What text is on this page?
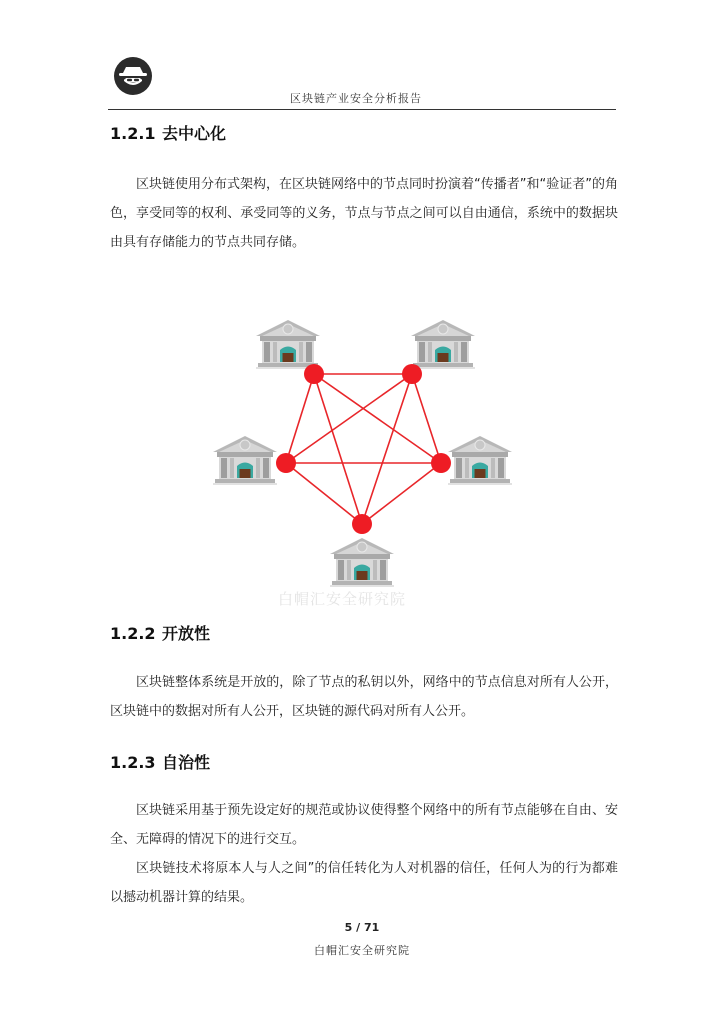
区块链产业安全分析报告
1.2.1 去中心化

区块链使用分布式架构，在区块链网络中的节点同时扮演着“传播者”和“验证者”的角色，享受同等的权利、承受同等的义务，节点与节点之间可以自由通信，系统中的数据块由具有存储能力的节点共同存储。

白帽汇安全研究院
1.2.2 开放性

区块链整体系统是开放的，除了节点的私钥以外，网络中的节点信息对所有人公开，区块链中的数据对所有人公开，区块链的源代码对所有人公开。

1.2.3 自治性

区块链采用基于预先设定好的规范或协议使得整个网络中的所有节点能够在自由、安全、无障碍的情况下的进行交互。

区块链技术将原本人与人之间”的信任转化为人对机器的信任，任何人为的行为都难以撼动机器计算的结果。

5 / 71
白帽汇安全研究院
